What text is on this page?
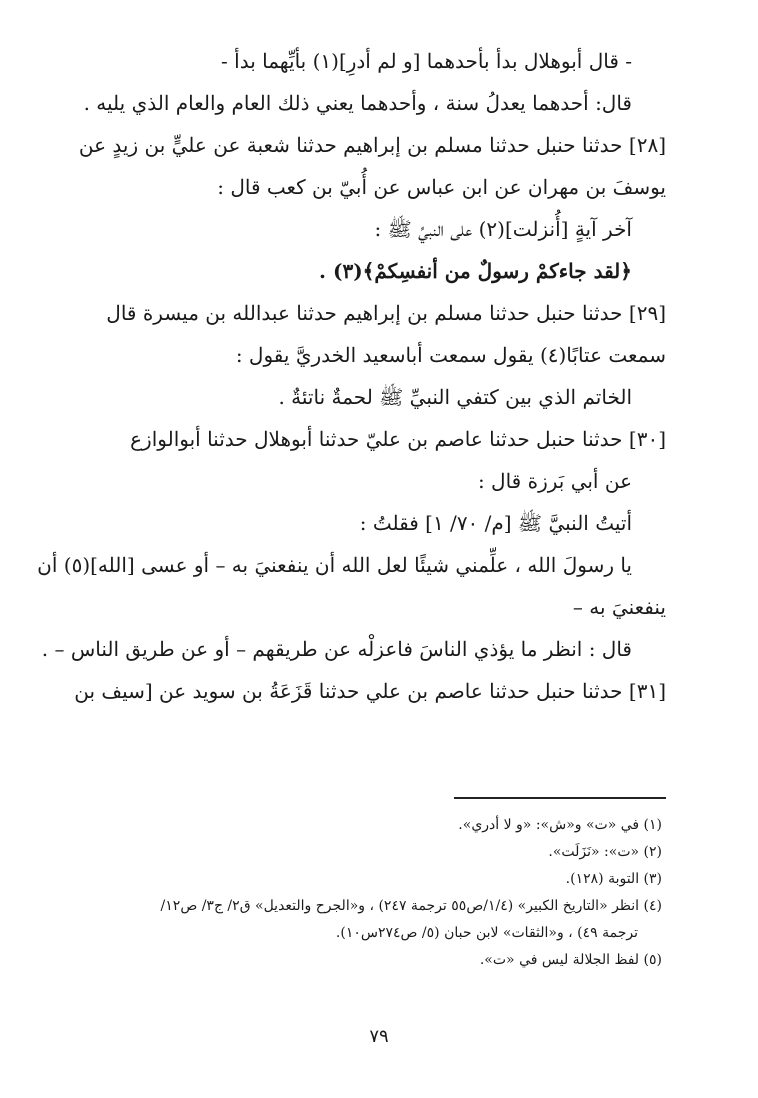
- قال أبوهلال بدأ بأحدهما [و لم أدرِ](١) بأيِّهما بدأ -

قال: أحدهما يعدلُ سنة ، وأحدهما يعني ذلك العام والعام الذي يليه .

[٢٨] حدثنا حنبل حدثنا مسلم بن إبراهيم حدثنا شعبة عن عليٍّ بن زيدٍ عن

يوسفَ بن مهران عن ابن عباس عن أُبيّ بن كعب قال :

آخر آيةٍ [أُنزلت](٢) على النبيِّ ﷺ :

﴿لقد جاءكمْ رسولٌ من أنفسِكمْ﴾(٣) .

[٢٩] حدثنا حنبل حدثنا مسلم بن إبراهيم حدثنا عبدالله بن ميسرة قال

سمعت عتابًا(٤) يقول سمعت أباسعيد الخدريَّ يقول :

الخاتم الذي بين كتفي النبيِّ ﷺ لحمةٌ ناتئةٌ .

[٣٠] حدثنا حنبل حدثنا عاصم بن عليّ حدثنا أبوهلال حدثنا أبوالوازع

عن أبي بَرزة قال :

أتيتُ النبيَّ ﷺ [م/ ٧٠/ ١] فقلتُ :

يا رسولَ الله ، علِّمني شيئًا لعل الله أن ينفعنيَ به – أو عسى [الله](٥) أن

ينفعنيَ به –

قال : انظر ما يؤذي الناسَ فاعزلْه عن طريقهم – أو عن طريق الناس – .

[٣١] حدثنا حنبل حدثنا عاصم بن علي حدثنا قَزَعَةُ بن سويد عن [سيف بن

(١) في «ت» و«ش»: «و لا أدري».

(٢) «ت»: «نَزَلَت».

(٣) التوبة (١٢٨).

(٤) انظر «التاريخ الكبير» (١/٤/ص٥٥ ترجمة ٢٤٧) ، و«الجرح والتعديل» ق٢/ ج٣/ ص١٢/

ترجمة ٤٩) ، و«الثقات» لابن حبان (٥/ ص٢٧٤س١٠).

(٥) لفظ الجلالة ليس في «ت».

٧٩
